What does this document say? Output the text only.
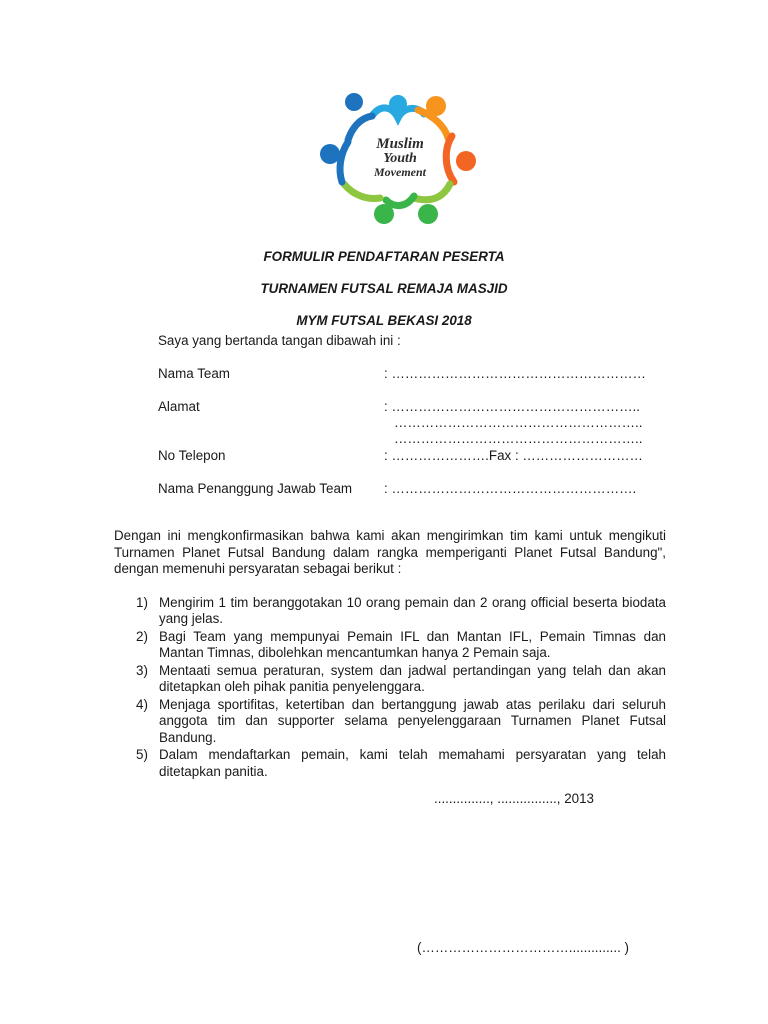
Muslim
Youth
Movement
FORMULIR PENDAFTARAN PESERTA
TURNAMEN FUTSAL REMAJA MASJID
MYM FUTSAL BEKASI 2018
Saya yang bertanda tangan dibawah ini :
Nama Team	: …………………………………………………
Alamat	: ………………………………………………..
………………………………………………..
………………………………………………..
No Telepon	: ………………….Fax : ………………………
Nama Penanggung Jawab Team : ……………………………………………….
Dengan ini mengkonfirmasikan bahwa kami akan mengirimkan tim kami untuk mengikuti Turnamen Planet Futsal Bandung dalam rangka memperiganti Planet Futsal Bandung", dengan memenuhi persyaratan sebagai berikut :
1) Mengirim 1 tim beranggotakan 10 orang pemain dan 2 orang official beserta biodata yang jelas.
2) Bagi Team yang mempunyai Pemain IFL dan Mantan IFL, Pemain Timnas dan Mantan Timnas, dibolehkan mencantumkan hanya 2 Pemain saja.
3) Mentaati semua peraturan, system dan jadwal pertandingan yang telah dan akan ditetapkan oleh pihak panitia penyelenggara.
4) Menjaga sportifitas, ketertiban dan bertanggung jawab atas perilaku dari seluruh anggota tim dan supporter selama penyelenggaraan Turnamen Planet Futsal Bandung.
5) Dalam mendaftarkan pemain, kami telah memahami persyaratan yang telah ditetapkan panitia.
..............., ................, 2013
(…………………………….............. )
